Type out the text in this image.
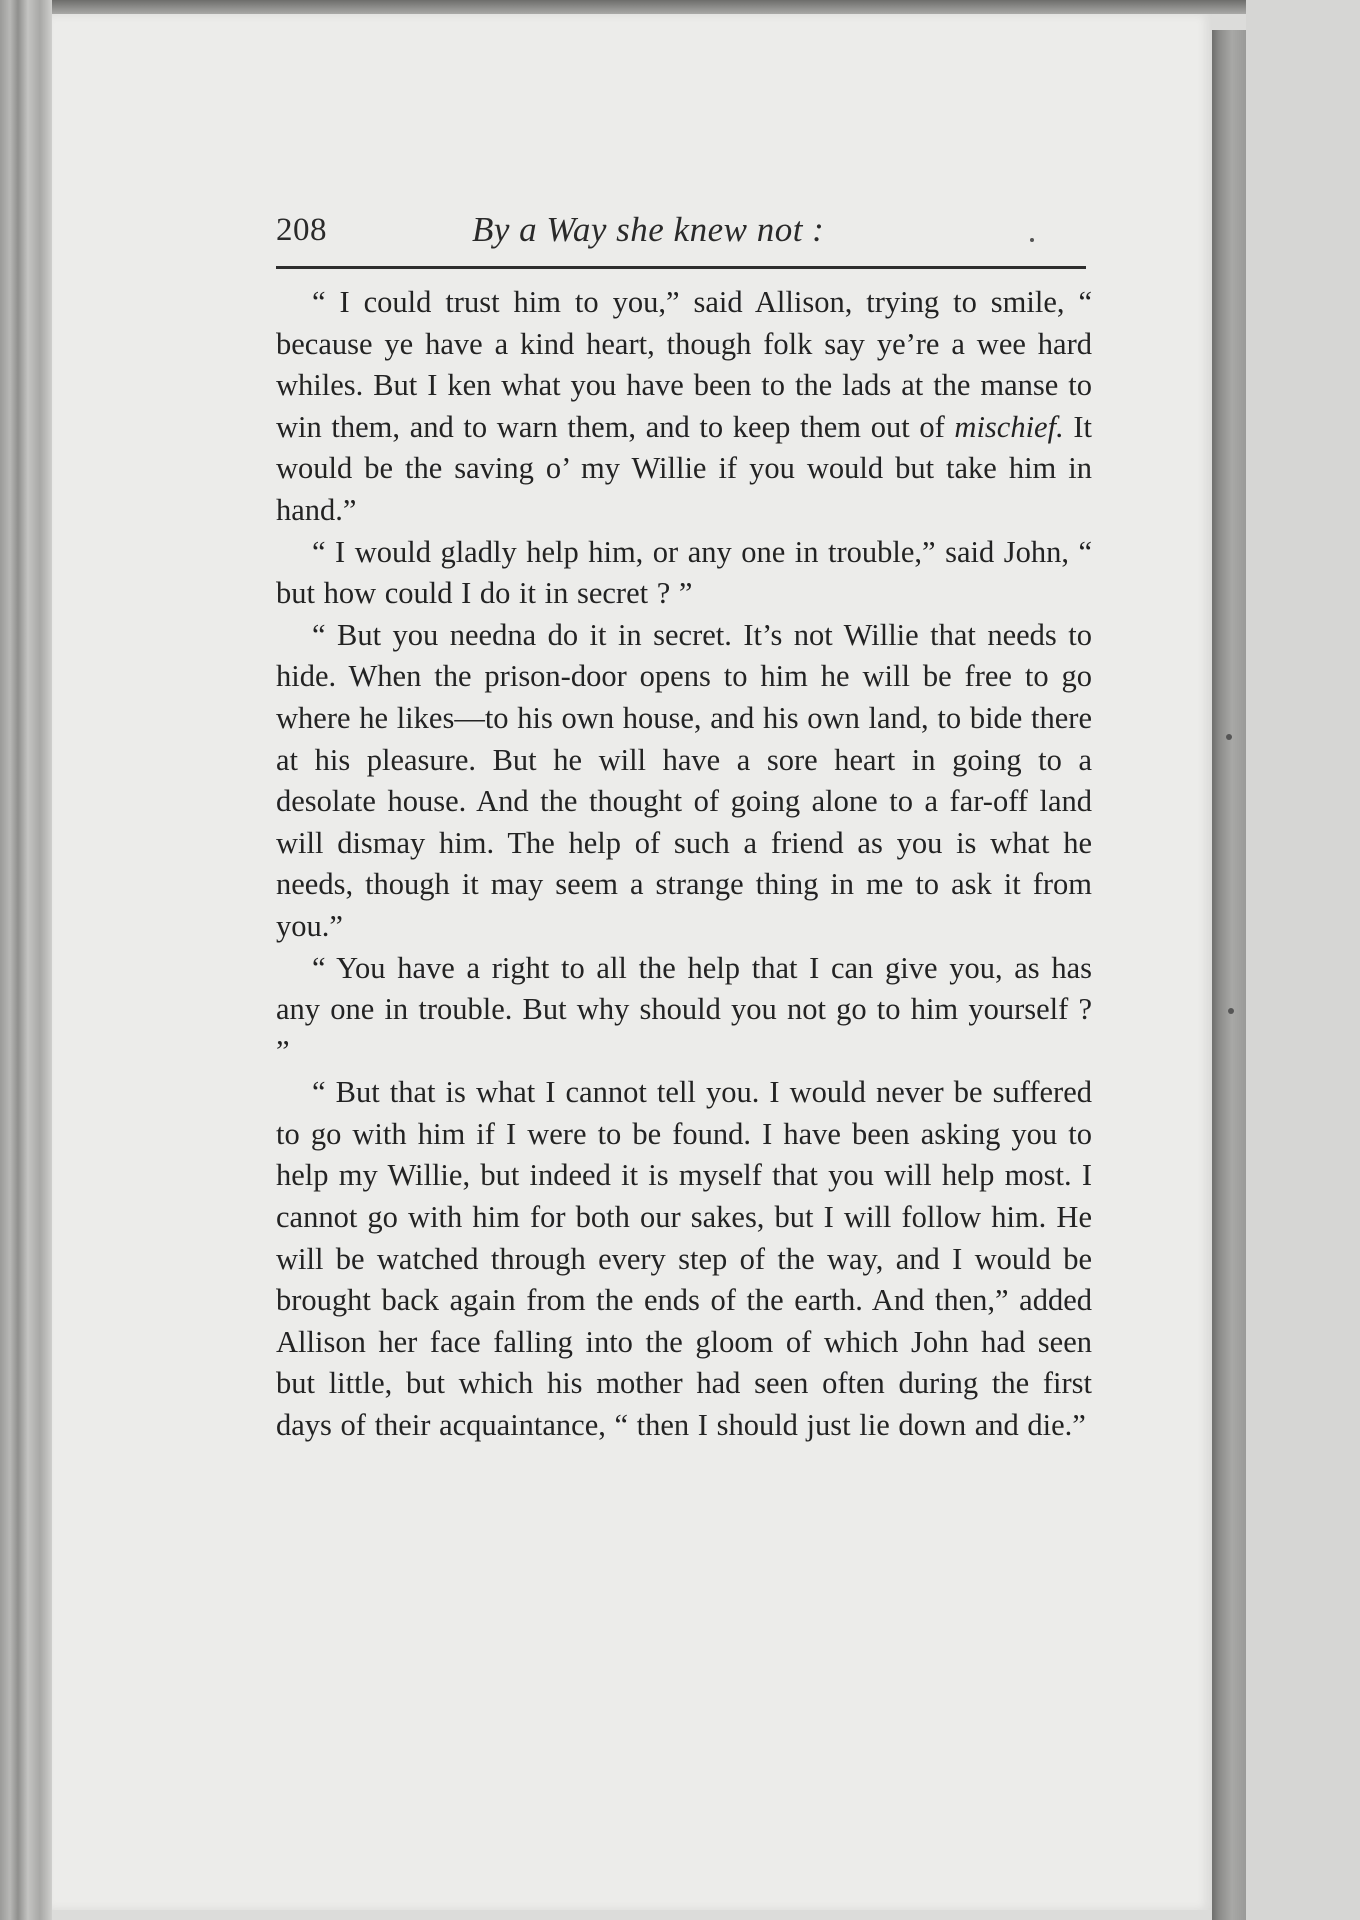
208	By a Way she knew not :

“ I could trust him to you,” said Allison, trying to smile, “ because ye have a kind heart, though folk say ye’re a wee hard whiles. But I ken what you have been to the lads at the manse to win them, and to warn them, and to keep them out of mischief. It would be the saving o’ my Willie if you would but take him in hand.”

“ I would gladly help him, or any one in trouble,” said John, “ but how could I do it in secret ? ”

“ But you needna do it in secret. It’s not Willie that needs to hide. When the prison-door opens to him he will be free to go where he likes—to his own house, and his own land, to bide there at his pleasure. But he will have a sore heart in going to a desolate house. And the thought of going alone to a far-off land will dismay him. The help of such a friend as you is what he needs, though it may seem a strange thing in me to ask it from you.”

“ You have a right to all the help that I can give you, as has any one in trouble. But why should you not go to him yourself ? ”

“ But that is what I cannot tell you. I would never be suffered to go with him if I were to be found. I have been asking you to help my Willie, but indeed it is myself that you will help most. I cannot go with him for both our sakes, but I will follow him. He will be watched through every step of the way, and I would be brought back again from the ends of the earth. And then,” added Allison her face falling into the gloom of which John had seen but little, but which his mother had seen often during the first days of their acquaintance, “ then I should just lie down and die.”
